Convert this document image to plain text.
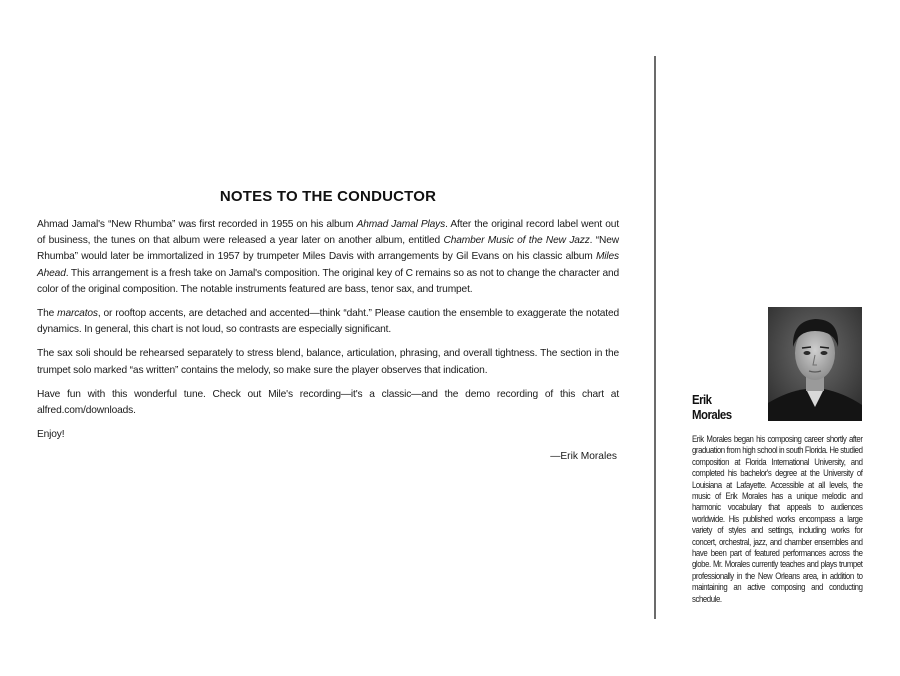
NOTES TO THE CONDUCTOR

Ahmad Jamal's “New Rhumba” was first recorded in 1955 on his album Ahmad Jamal Plays. After the original record label went out of business, the tunes on that album were released a year later on another album, entitled Chamber Music of the New Jazz. “New Rhumba” would later be immortalized in 1957 by trumpeter Miles Davis with arrangements by Gil Evans on his classic album Miles Ahead. This arrangement is a fresh take on Jamal's composition. The original key of C remains so as not to change the character and color of the original composition. The notable instruments featured are bass, tenor sax, and trumpet.

The marcatos, or rooftop accents, are detached and accented—think “daht.” Please caution the ensemble to exaggerate the notated dynamics. In general, this chart is not loud, so contrasts are especially significant.

The sax soli should be rehearsed separately to stress blend, balance, articulation, phrasing, and overall tightness. The section in the trumpet solo marked “as written” contains the melody, so make sure the player observes that indication.

Have fun with this wonderful tune. Check out Mile's recording—it's a classic—and the demo recording of this chart at alfred.com/downloads.

Enjoy!

—Erik Morales
Erik
Morales
Erik Morales began his composing career shortly after graduation from high school in south Florida. He studied composition at Florida International University, and completed his bachelor's degree at the University of Louisiana at Lafayette. Accessible at all levels, the music of Erik Morales has a unique melodic and harmonic vocabulary that appeals to audiences worldwide. His published works encompass a large variety of styles and settings, including works for concert, orchestral, jazz, and chamber ensembles and have been part of featured performances across the globe. Mr. Morales currently teaches and plays trumpet professionally in the New Orleans area, in addition to maintaining an active composing and conducting schedule.
